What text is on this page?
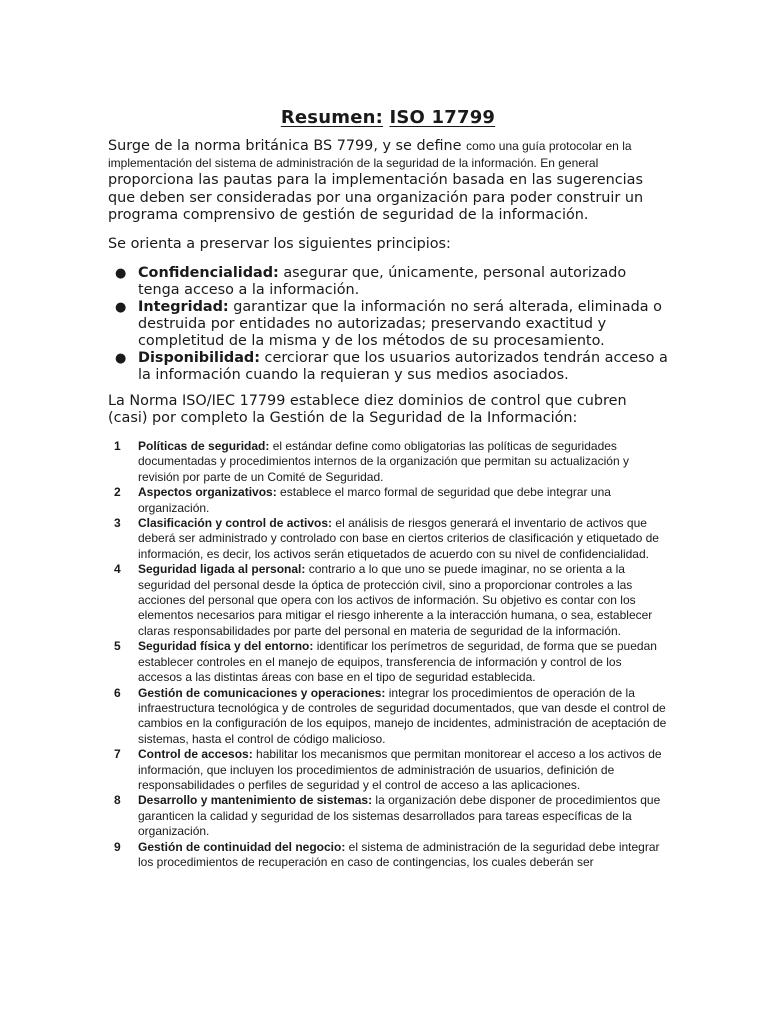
Resumen: ISO 17799

Surge de la norma británica BS 7799, y se define como una guía protocolar en la implementación del sistema de administración de la seguridad de la información. En general proporciona las pautas para la implementación basada en las sugerencias que deben ser consideradas por una organización para poder construir un programa comprensivo de gestión de seguridad de la información.

Se orienta a preservar los siguientes principios:

● Confidencialidad: asegurar que, únicamente, personal autorizado tenga acceso a la información.
● Integridad: garantizar que la información no será alterada, eliminada o destruida por entidades no autorizadas; preservando exactitud y completitud de la misma y de los métodos de su procesamiento.
● Disponibilidad: cerciorar que los usuarios autorizados tendrán acceso a la información cuando la requieran y sus medios asociados.

La Norma ISO/IEC 17799 establece diez dominios de control que cubren (casi) por completo la Gestión de la Seguridad de la Información:

1 Políticas de seguridad: el estándar define como obligatorias las políticas de seguridades documentadas y procedimientos internos de la organización que permitan su actualización y revisión por parte de un Comité de Seguridad.
2 Aspectos organizativos: establece el marco formal de seguridad que debe integrar una organización.
3 Clasificación y control de activos: el análisis de riesgos generará el inventario de activos que deberá ser administrado y controlado con base en ciertos criterios de clasificación y etiquetado de información, es decir, los activos serán etiquetados de acuerdo con su nivel de confidencialidad.
4 Seguridad ligada al personal: contrario a lo que uno se puede imaginar, no se orienta a la seguridad del personal desde la óptica de protección civil, sino a proporcionar controles a las acciones del personal que opera con los activos de información. Su objetivo es contar con los elementos necesarios para mitigar el riesgo inherente a la interacción humana, o sea, establecer claras responsabilidades por parte del personal en materia de seguridad de la información.
5 Seguridad física y del entorno: identificar los perímetros de seguridad, de forma que se puedan establecer controles en el manejo de equipos, transferencia de información y control de los accesos a las distintas áreas con base en el tipo de seguridad establecida.
6 Gestión de comunicaciones y operaciones: integrar los procedimientos de operación de la infraestructura tecnológica y de controles de seguridad documentados, que van desde el control de cambios en la configuración de los equipos, manejo de incidentes, administración de aceptación de sistemas, hasta el control de código malicioso.
7 Control de accesos: habilitar los mecanismos que permitan monitorear el acceso a los activos de información, que incluyen los procedimientos de administración de usuarios, definición de responsabilidades o perfiles de seguridad y el control de acceso a las aplicaciones.
8 Desarrollo y mantenimiento de sistemas: la organización debe disponer de procedimientos que garanticen la calidad y seguridad de los sistemas desarrollados para tareas específicas de la organización.
9 Gestión de continuidad del negocio: el sistema de administración de la seguridad debe integrar los procedimientos de recuperación en caso de contingencias, los cuales deberán ser
